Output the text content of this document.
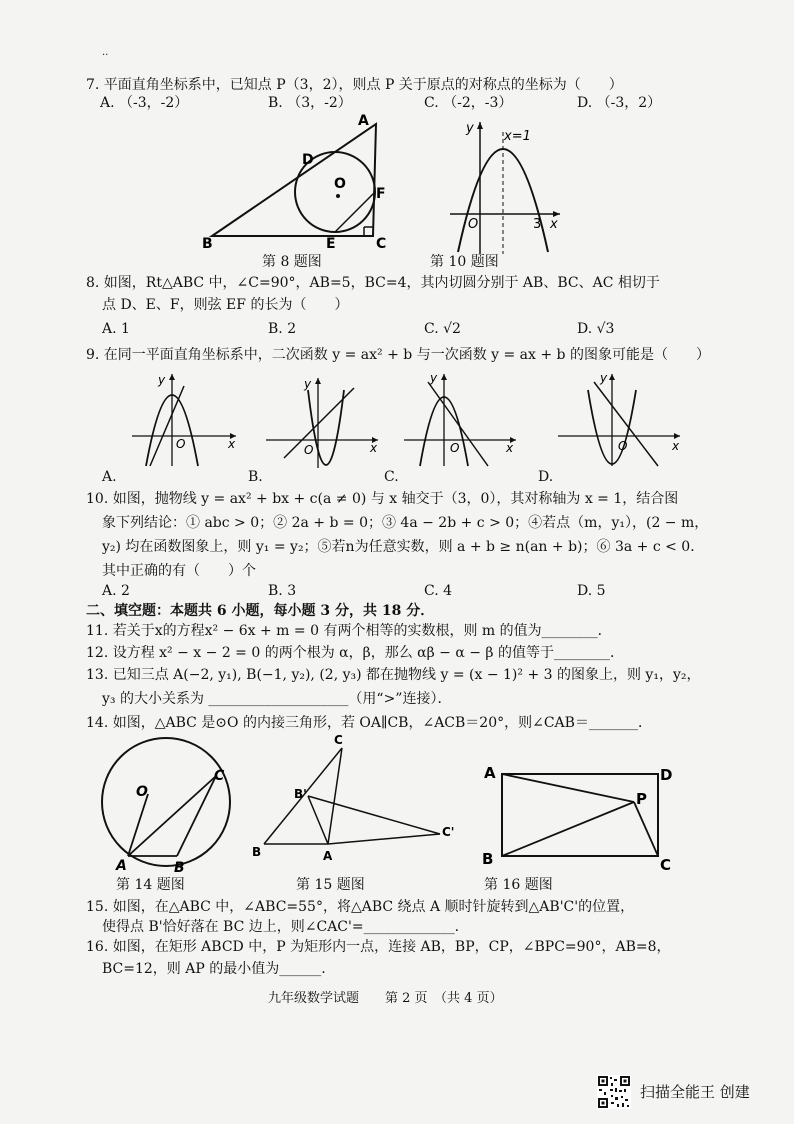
..
7. 平面直角坐标系中，已知点 P（3，2），则点 P 关于原点的对称点的坐标为（　　）
A. （-3，-2）	B. （3，-2）	C. （-2，-3）	D. （-3，2）
A
B	C
D
E
F
O
第 8 题图
y
x=1
O	3 x
第 10 题图
8. 如图，Rt△ABC 中，∠C=90°，AB=5，BC=4，其内切圆分别于 AB、BC、AC 相切于
点 D、E、F，则弦 EF 的长为（　　）
A. 1	B. 2	C. √2	D. √3
9. 在同一平面直角坐标系中，二次函数 y = ax² + b 与一次函数 y = ax + b 的图象可能是（　　）
y
O	x
A.
y
O	x
B.
y
O	x
C.
y
O	x
D.
10. 如图，抛物线 y = ax² + bx + c(a ≠ 0) 与 x 轴交于（3，0），其对称轴为 x = 1，结合图
象下列结论：① abc > 0；② 2a + b = 0；③ 4a − 2b + c > 0；④若点（m，y₁），(2 − m，
y₂) 均在函数图象上，则 y₁ = y₂；⑤若n为任意实数，则 a + b ≥ n(an + b)；⑥ 3a + c < 0．
其中正确的有（　　）个
A. 2	B. 3	C. 4	D. 5
二、填空题：本题共 6 小题，每小题 3 分，共 18 分．
11. 若关于x的方程x² − 6x + m = 0 有两个相等的实数根，则 m 的值为________．
12. 设方程 x² − x − 2 = 0 的两个根为 α，β，那么 αβ − α − β 的值等于________．
13. 已知三点 A(−2, y₁), B(−1, y₂), (2, y₃) 都在抛物线 y = (x − 1)² + 3 的图象上，则 y₁，y₂，
y₃ 的大小关系为 ____________________（用“>”连接）．
14. 如图，△ABC 是⊙O 的内接三角形，若 OA∥CB，∠ACB＝20°，则∠CAB＝_______．
O
A	B
C
第 14 题图
C
B	A
B'
C'
第 15 题图
A	D
B	C
P
第 16 题图
15. 如图，在△ABC 中，∠ABC=55°，将△ABC 绕点 A 顺时针旋转到△AB'C'的位置，
使得点 B'恰好落在 BC 边上，则∠CAC'=_____________.
16. 如图，在矩形 ABCD 中，P 为矩形内一点，连接 AB，BP，CP，∠BPC=90°，AB=8，
BC=12，则 AP 的最小值为______.
九年级数学试题　　第 2 页　（共 4 页）
扫描全能王 创建
